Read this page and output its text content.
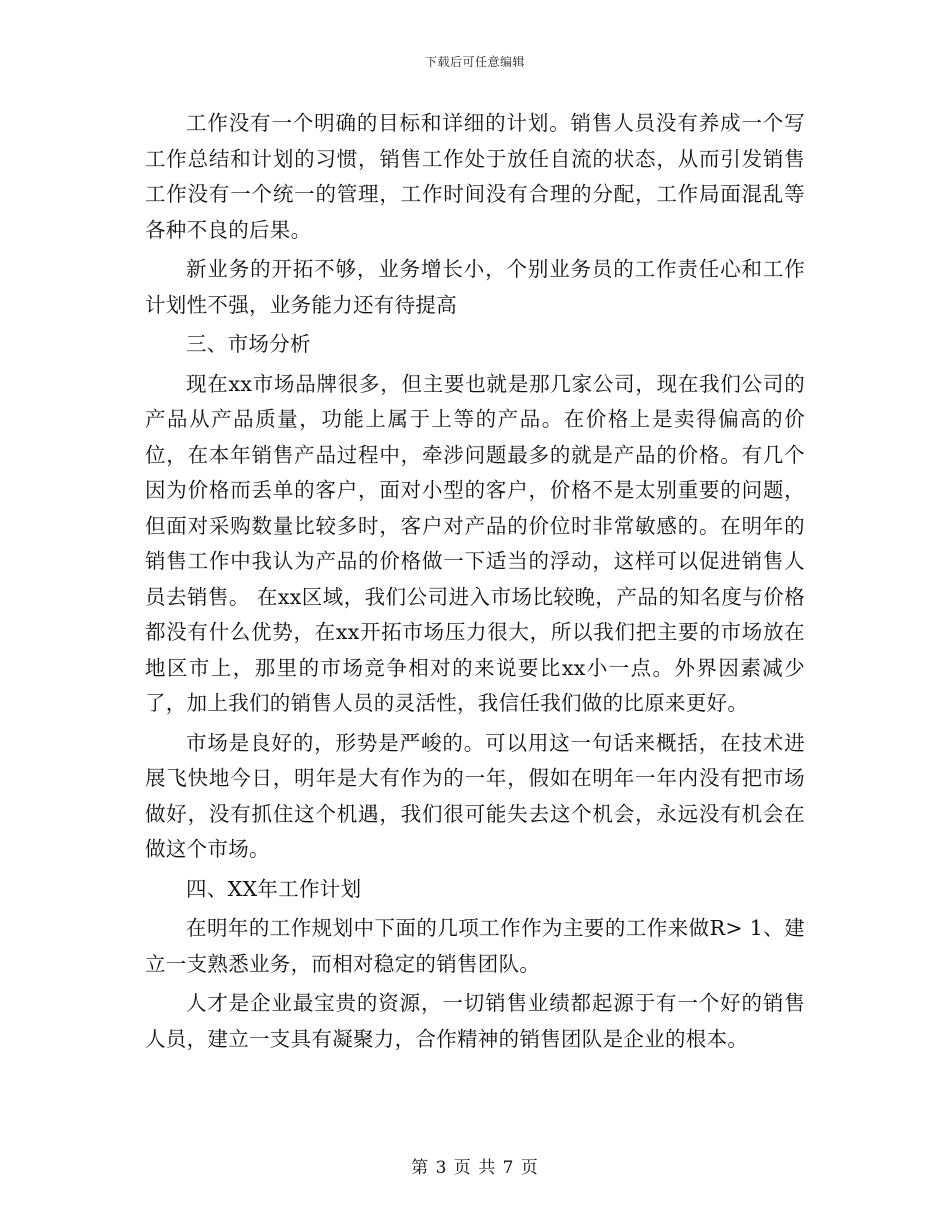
下载后可任意编辑

工作没有一个明确的目标和详细的计划。销售人员没有养成一个写工作总结和计划的习惯，销售工作处于放任自流的状态，从而引发销售工作没有一个统一的管理，工作时间没有合理的分配，工作局面混乱等各种不良的后果。

新业务的开拓不够，业务增长小，个别业务员的工作责任心和工作计划性不强，业务能力还有待提高

三、市场分析

现在xx市场品牌很多，但主要也就是那几家公司，现在我们公司的产品从产品质量，功能上属于上等的产品。在价格上是卖得偏高的价位，在本年销售产品过程中，牵涉问题最多的就是产品的价格。有几个因为价格而丢单的客户，面对小型的客户，价格不是太别重要的问题，但面对采购数量比较多时，客户对产品的价位时非常敏感的。在明年的销售工作中我认为产品的价格做一下适当的浮动，这样可以促进销售人员去销售。 在xx区域，我们公司进入市场比较晚，产品的知名度与价格都没有什么优势，在xx开拓市场压力很大，所以我们把主要的市场放在地区市上，那里的市场竞争相对的来说要比xx小一点。外界因素减少了，加上我们的销售人员的灵活性，我信任我们做的比原来更好。

市场是良好的，形势是严峻的。可以用这一句话来概括，在技术进展飞快地今日，明年是大有作为的一年，假如在明年一年内没有把市场做好，没有抓住这个机遇，我们很可能失去这个机会，永远没有机会在做这个市场。

四、XX年工作计划

在明年的工作规划中下面的几项工作作为主要的工作来做R> 1、建立一支熟悉业务，而相对稳定的销售团队。

人才是企业最宝贵的资源，一切销售业绩都起源于有一个好的销售人员，建立一支具有凝聚力，合作精神的销售团队是企业的根本。

第 3 页 共 7 页
